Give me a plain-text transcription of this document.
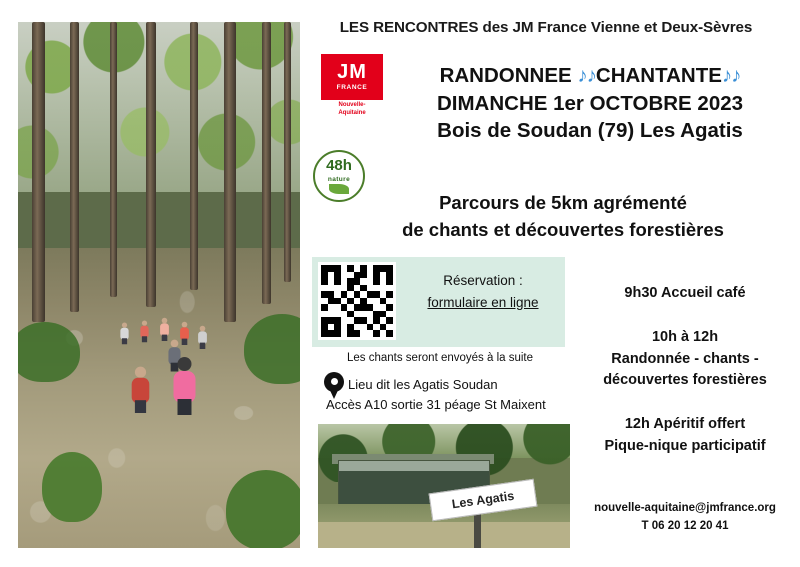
LES RENCONTRES des JM France Vienne et Deux-Sèvres
JM
FRANCE
Nouvelle-
Aquitaine
48h
nature
RANDONNEE ♪♪CHANTANTE♪♪
DIMANCHE 1er OCTOBRE 2023
Bois de Soudan (79) Les Agatis
Parcours de 5km agrémenté
de chants et découvertes forestières
Réservation :
formulaire en ligne
Les chants seront envoyés à la suite
Lieu dit les Agatis Soudan
Accès A10 sortie 31 péage St Maixent
Les Agatis
9h30 Accueil café
10h à 12h
Randonnée - chants -
découvertes forestières
12h Apéritif offert
Pique-nique participatif
nouvelle-aquitaine@jmfrance.org
T 06 20 12 20 41
